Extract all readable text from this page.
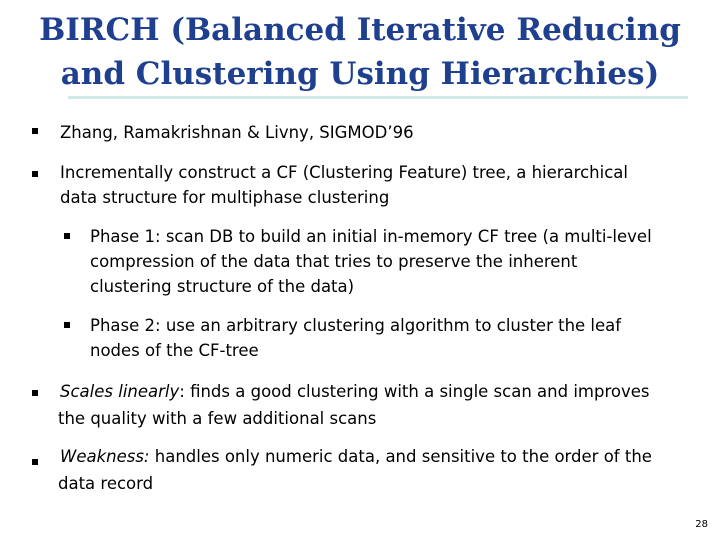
BIRCH (Balanced Iterative Reducing
and Clustering Using Hierarchies)
Zhang, Ramakrishnan & Livny, SIGMOD’96
Incrementally construct a CF (Clustering Feature) tree, a hierarchical
data structure for multiphase clustering
Phase 1: scan DB to build an initial in-memory CF tree (a multi-level
compression of the data that tries to preserve the inherent
clustering structure of the data)
Phase 2: use an arbitrary clustering algorithm to cluster the leaf
nodes of the CF-tree
Scales linearly: finds a good clustering with a single scan and improves
the quality with a few additional scans
Weakness: handles only numeric data, and sensitive to the order of the
data record
28
